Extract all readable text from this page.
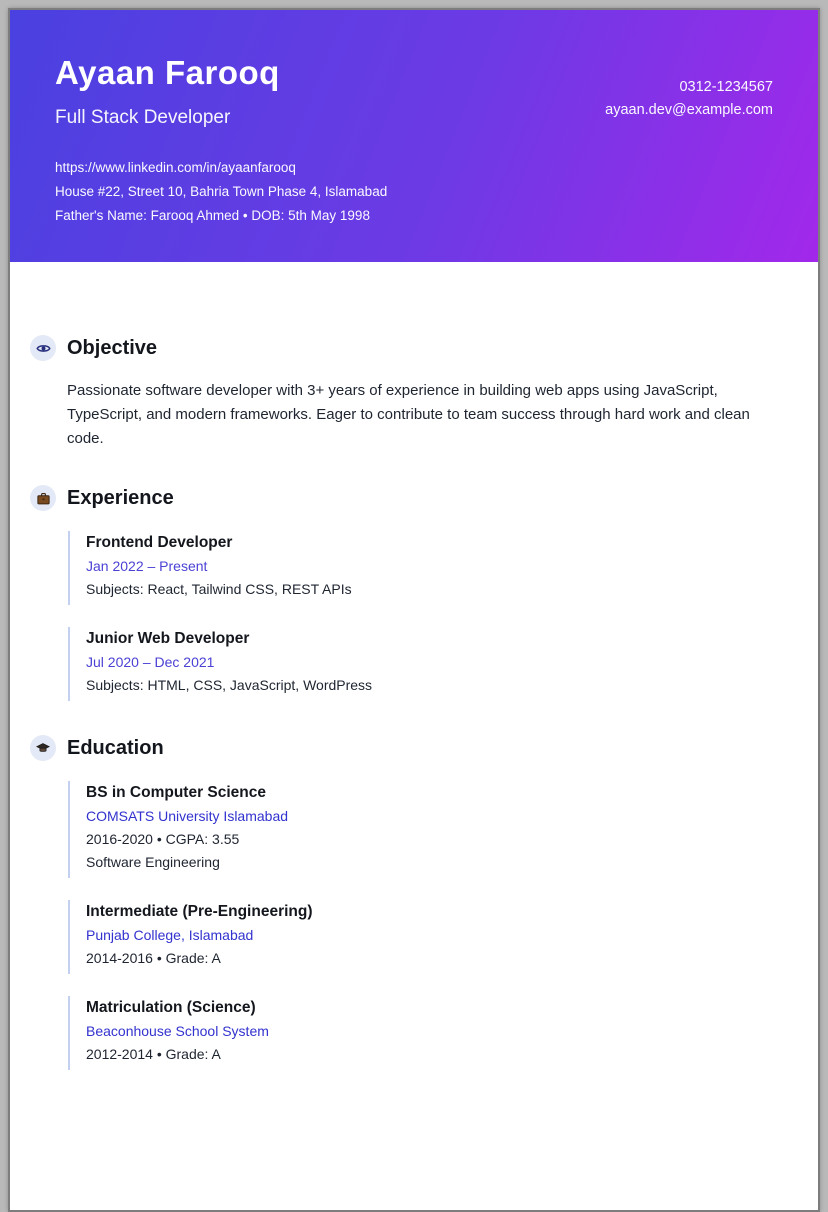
Ayaan Farooq
Full Stack Developer
0312-1234567
ayaan.dev@example.com
https://www.linkedin.com/in/ayaanfarooq
House #22, Street 10, Bahria Town Phase 4, Islamabad
Father's Name: Farooq Ahmed • DOB: 5th May 1998
Objective

Passionate software developer with 3+ years of experience in building web apps using JavaScript, TypeScript, and modern frameworks. Eager to contribute to team success through hard work and clean code.

Experience
Frontend Developer
Jan 2022 – Present
Subjects: React, Tailwind CSS, REST APIs
Junior Web Developer
Jul 2020 – Dec 2021
Subjects: HTML, CSS, JavaScript, WordPress
Education
BS in Computer Science
COMSATS University Islamabad
2016-2020 • CGPA: 3.55
Software Engineering
Intermediate (Pre-Engineering)
Punjab College, Islamabad
2014-2016 • Grade: A
Matriculation (Science)
Beaconhouse School System
2012-2014 • Grade: A
